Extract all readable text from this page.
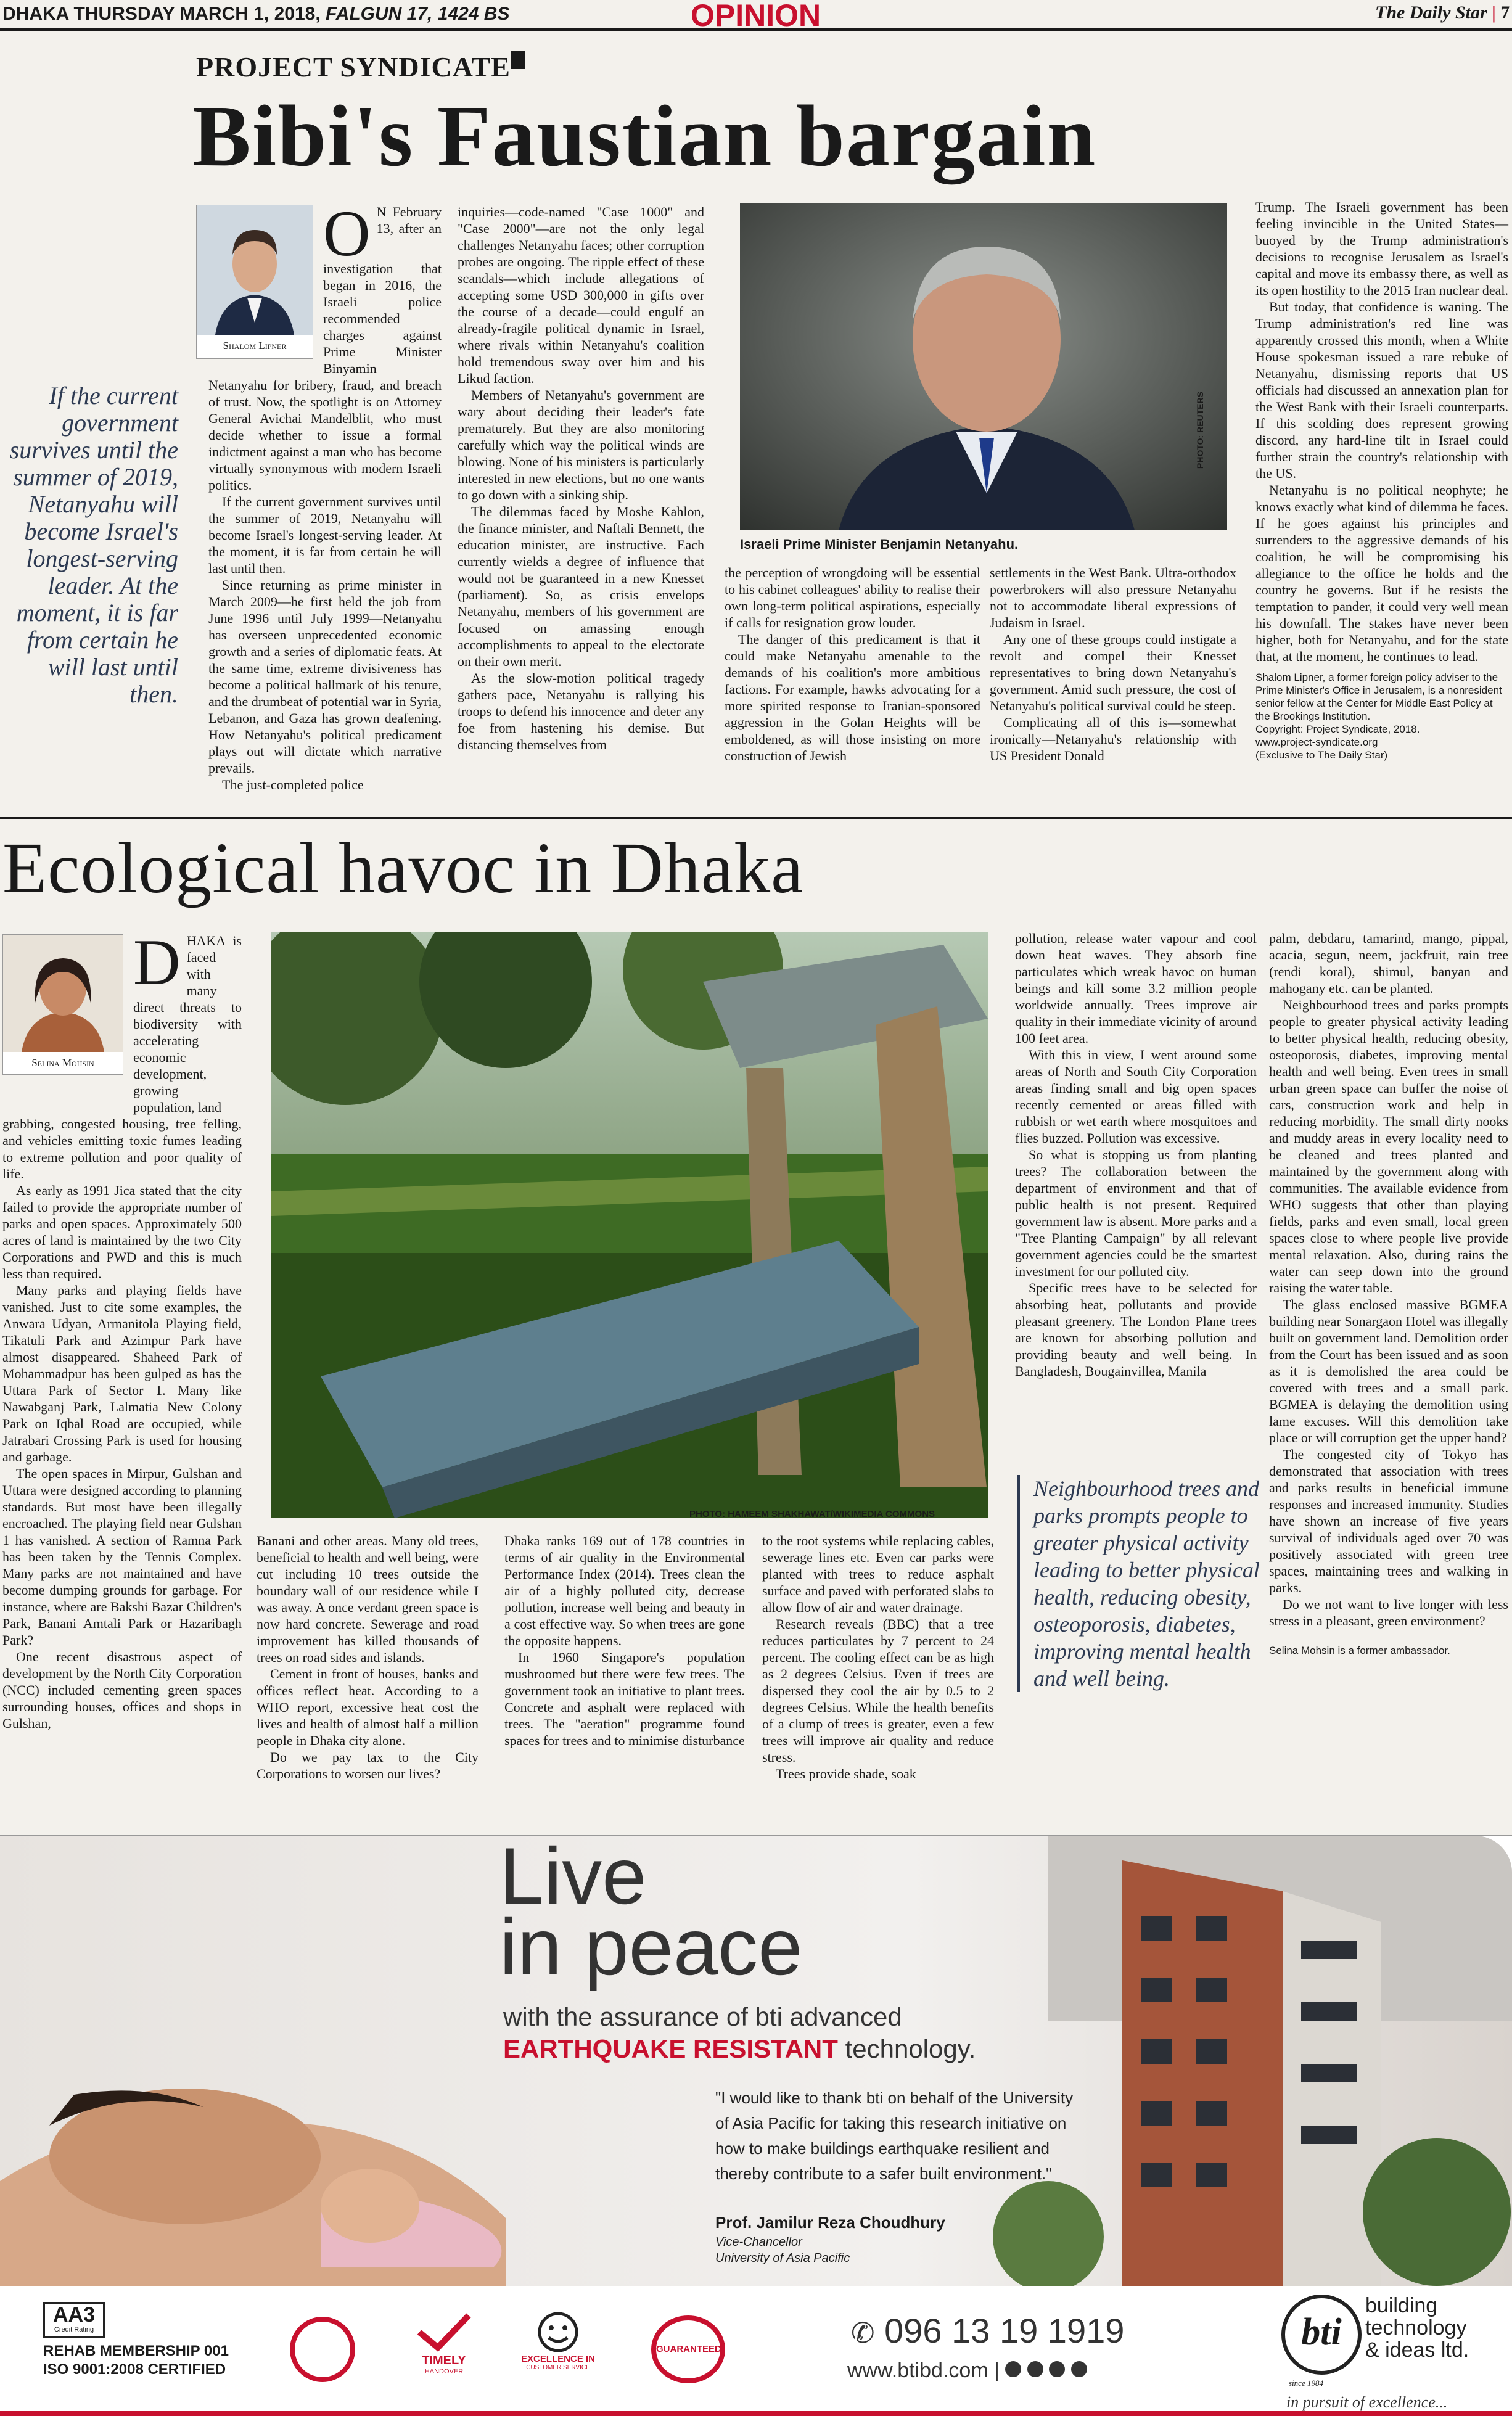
DHAKA THURSDAY MARCH 1, 2018, FALGUN 17, 1424 BS	OPINION	The Daily Star | 7
PROJECT SYNDICATE
Bibi's Faustian bargain
Shalom Lipner
If the current government survives until the summer of 2019, Netanyahu will become Israel's longest-serving leader. At the moment, it is far from certain he will last until then.
O N February 13, after an investigation that began in 2016, the Israeli police recommended charges against Prime Minister Binyamin

Netanyahu for bribery, fraud, and breach of trust. Now, the spotlight is on Attorney General Avichai Mandelblit, who must decide whether to issue a formal indictment against a man who has become virtually synonymous with modern Israeli politics.

If the current government survives until the summer of 2019, Netanyahu will become Israel's longest-serving leader. At the moment, it is far from certain he will last until then.

Since returning as prime minister in March 2009—he first held the job from June 1996 until July 1999—Netanyahu has overseen unprecedented economic growth and a series of diplomatic feats. At the same time, extreme divisiveness has become a political hallmark of his tenure, and the drumbeat of potential war in Syria, Lebanon, and Gaza has grown deafening. How Netanyahu's political predicament plays out will dictate which narrative prevails.

The just-completed police

inquiries—code-named "Case 1000" and "Case 2000"—are not the only legal challenges Netanyahu faces; other corruption probes are ongoing. The ripple effect of these scandals—which include allegations of accepting some USD 300,000 in gifts over the course of a decade—could engulf an already-fragile political dynamic in Israel, where rivals within Netanyahu's coalition hold tremendous sway over him and his Likud faction.

Members of Netanyahu's government are wary about deciding their leader's fate prematurely. But they are also monitoring carefully which way the political winds are blowing. None of his ministers is particularly interested in new elections, but no one wants to go down with a sinking ship.

The dilemmas faced by Moshe Kahlon, the finance minister, and Naftali Bennett, the education minister, are instructive. Each currently wields a degree of influence that would not be guaranteed in a new Knesset (parliament). So, as crisis envelops Netanyahu, members of his government are focused on amassing enough accomplishments to appeal to the electorate on their own merit.

As the slow-motion political tragedy gathers pace, Netanyahu is rallying his troops to defend his innocence and deter any foe from hastening his demise. But distancing themselves from

PHOTO: REUTERS
Israeli Prime Minister Benjamin Netanyahu.

the perception of wrongdoing will be essential to his cabinet colleagues' ability to realise their own long-term political aspirations, especially if calls for resignation grow louder.

The danger of this predicament is that it could make Netanyahu amenable to the demands of his coalition's more ambitious factions. For example, hawks advocating for a more spirited response to Iranian-sponsored aggression in the Golan Heights will be emboldened, as will those insisting on more construction of Jewish

settlements in the West Bank. Ultra-orthodox powerbrokers will also pressure Netanyahu not to accommodate liberal expressions of Judaism in Israel.

Any one of these groups could instigate a revolt and compel their Knesset representatives to bring down Netanyahu's government. Amid such pressure, the cost of Netanyahu's political survival could be steep.

Complicating all of this is—somewhat ironically—Netanyahu's relationship with US President Donald

Trump. The Israeli government has been feeling invincible in the United States—buoyed by the Trump administration's decisions to recognise Jerusalem as Israel's capital and move its embassy there, as well as its open hostility to the 2015 Iran nuclear deal.

But today, that confidence is waning. The Trump administration's red line was apparently crossed this month, when a White House spokesman issued a rare rebuke of Netanyahu, dismissing reports that US officials had discussed an annexation plan for the West Bank with their Israeli counterparts. If this scolding does represent growing discord, any hard-line tilt in Israel could further strain the country's relationship with the US.

Netanyahu is no political neophyte; he knows exactly what kind of dilemma he faces. If he goes against his principles and surrenders to the aggressive demands of his coalition, he will be compromising his allegiance to the office he holds and the country he governs. But if he resists the temptation to pander, it could very well mean his downfall. The stakes have never been higher, both for Netanyahu, and for the state that, at the moment, he continues to lead.

Shalom Lipner, a former foreign policy adviser to the Prime Minister's Office in Jerusalem, is a nonresident senior fellow at the Center for Middle East Policy at the Brookings Institution.
Copyright: Project Syndicate, 2018.
www.project-syndicate.org
(Exclusive to The Daily Star)
Ecological havoc in Dhaka
Selina Mohsin
D HAKA is faced with many direct threats to biodiversity with accelerating economic development, growing population, land

grabbing, congested housing, tree felling, and vehicles emitting toxic fumes leading to extreme pollution and poor quality of life.

As early as 1991 Jica stated that the city failed to provide the appropriate number of parks and open spaces. Approximately 500 acres of land is maintained by the two City Corporations and PWD and this is much less than required.

Many parks and playing fields have vanished. Just to cite some examples, the Anwara Udyan, Armanitola Playing field, Tikatuli Park and Azimpur Park have almost disappeared. Shaheed Park of Mohammadpur has been gulped as has the Uttara Park of Sector 1. Many like Nawabganj Park, Lalmatia New Colony Park on Iqbal Road are occupied, while Jatrabari Crossing Park is used for housing and garbage.

The open spaces in Mirpur, Gulshan and Uttara were designed according to planning standards. But most have been illegally encroached. The playing field near Gulshan 1 has vanished. A section of Ramna Park has been taken by the Tennis Complex. Many parks are not maintained and have become dumping grounds for garbage. For instance, where are Bakshi Bazar Children's Park, Banani Amtali Park or Hazaribagh Park?

One recent disastrous aspect of development by the North City Corporation (NCC) included cementing green spaces surrounding houses, offices and shops in Gulshan,

PHOTO: HAMEEM SHAKHAWAT/WIKIMEDIA COMMONS

Banani and other areas. Many old trees, beneficial to health and well being, were cut including 10 trees outside the boundary wall of our residence while I was away. A once verdant green space is now hard concrete. Sewerage and road improvement has killed thousands of trees on road sides and islands.

Cement in front of houses, banks and offices reflect heat. According to a WHO report, excessive heat cost the lives and health of almost half a million people in Dhaka city alone.

Do we pay tax to the City Corporations to worsen our lives?

Dhaka ranks 169 out of 178 countries in terms of air quality in the Environmental Performance Index (2014). Trees clean the air of a highly polluted city, decrease pollution, increase well being and beauty in a cost effective way. So when trees are gone the opposite happens.

In 1960 Singapore's population mushroomed but there were few trees. The government took an initiative to plant trees. Concrete and asphalt were replaced with trees. The "aeration" programme found spaces for trees and to minimise disturbance

to the root systems while replacing cables, sewerage lines etc. Even car parks were planted with trees to reduce asphalt surface and paved with perforated slabs to allow flow of air and water drainage.

Research reveals (BBC) that a tree reduces particulates by 7 percent to 24 percent. The cooling effect can be as high as 2 degrees Celsius. Even if trees are dispersed they cool the air by 0.5 to 2 degrees Celsius. While the health benefits of a clump of trees is greater, even a few trees will improve air quality and reduce stress.

Trees provide shade, soak

pollution, release water vapour and cool down heat waves. They absorb fine particulates which wreak havoc on human beings and kill some 3.2 million people worldwide annually. Trees improve air quality in their immediate vicinity of around 100 feet area.

With this in view, I went around some areas of North and South City Corporation areas finding small and big open spaces recently cemented or areas filled with rubbish or wet earth where mosquitoes and flies buzzed. Pollution was excessive.

So what is stopping us from planting trees? The collaboration between the department of environment and that of public health is not present. Required government law is absent. More parks and a "Tree Planting Campaign" by all relevant government agencies could be the smartest investment for our polluted city.

Specific trees have to be selected for absorbing heat, pollutants and provide pleasant greenery. The London Plane trees are known for absorbing pollution and providing beauty and well being. In Bangladesh, Bougainvillea, Manila

Neighbourhood trees and parks prompts people to greater physical activity leading to better physical health, reducing obesity, osteoporosis, diabetes, improving mental health and well being.

palm, debdaru, tamarind, mango, pippal, acacia, segun, neem, jackfruit, rain tree (rendi koral), shimul, banyan and mahogany etc. can be planted.

Neighbourhood trees and parks prompts people to greater physical activity leading to better physical health, reducing obesity, osteoporosis, diabetes, improving mental health and well being. Even trees in small urban green space can buffer the noise of cars, construction work and help in reducing morbidity. The small dirty nooks and muddy areas in every locality need to be cleaned and trees planted and maintained by the government along with communities. The available evidence from WHO suggests that other than playing fields, parks and even small, local green spaces close to where people live provide mental relaxation. Also, during rains the water can seep down into the ground raising the water table.

The glass enclosed massive BGMEA building near Sonargaon Hotel was illegally built on government land. Demolition order from the Court has been issued and as soon as it is demolished the area could be covered with trees and a small park. BGMEA is delaying the demolition using lame excuses. Will this demolition take place or will corruption get the upper hand?

The congested city of Tokyo has demonstrated that association with trees and parks results in beneficial immune responses and increased immunity. Studies have shown an increase of five years survival of individuals aged over 70 was positively associated with green tree spaces, maintaining trees and walking in parks.

Do we not want to live longer with less stress in a pleasant, green environment?

Selina Mohsin is a former ambassador.
Live
in peace
with the assurance of bti advanced
EARTHQUAKE RESISTANT technology.
"I would like to thank bti on behalf of the University of Asia Pacific for taking this research initiative on how to make buildings earthquake resilient and thereby contribute to a safer built environment."
Prof. Jamilur Reza Choudhury
Vice-Chancellor
University of Asia Pacific
AA3
Credit Rating
REHAB MEMBERSHIP 001
ISO 9001:2008 CERTIFIED
TIMELY
HANDOVER
EXCELLENCE IN
CUSTOMER SERVICE
GUARANTEED
✆ 096 13 19 1919
www.btibd.com |
bti
since 1984
building
technology
& ideas ltd.
in pursuit of excellence...
